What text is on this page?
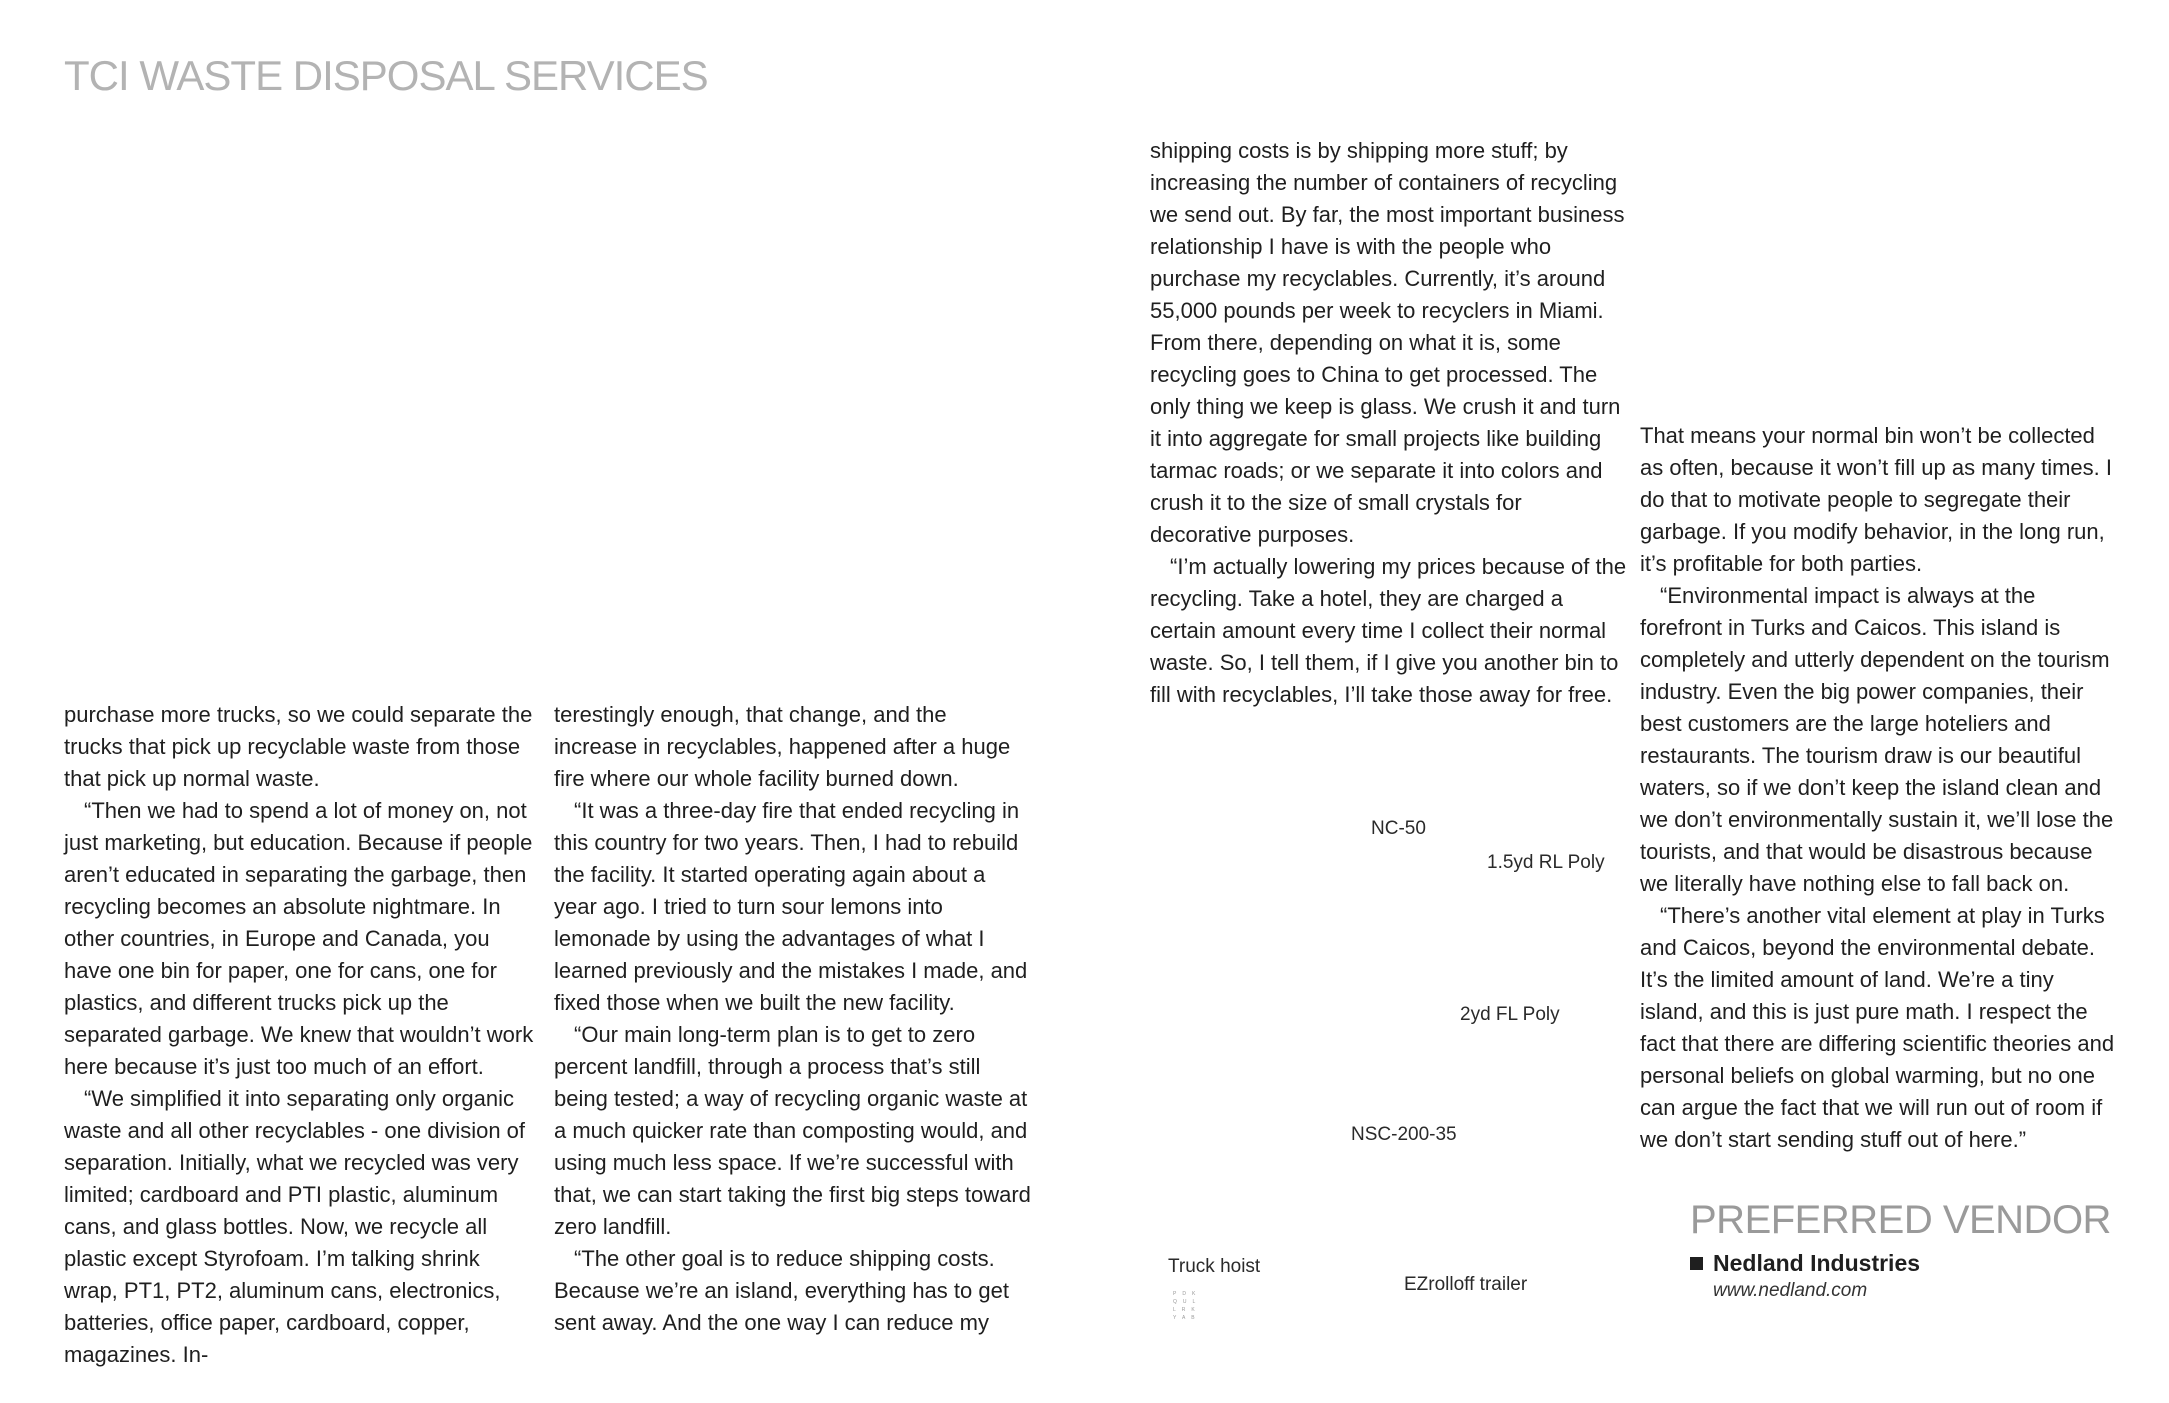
TCI WASTE DISPOSAL SERVICES

purchase more trucks, so we could separate the trucks that pick up recyclable waste from those that pick up normal waste.

“Then we had to spend a lot of money on, not just marketing, but education. Because if people aren’t educated in separating the garbage, then recycling becomes an absolute nightmare. In other countries, in Europe and Canada, you have one bin for paper, one for cans, one for plastics, and different trucks pick up the separated garbage. We knew that wouldn’t work here because it’s just too much of an effort.

“We simplified it into separating only organic waste and all other recyclables - one division of separation. Initially, what we recycled was very limited; cardboard and PTI plastic, aluminum cans, and glass bottles. Now, we recycle all plastic except Styrofoam. I’m talking shrink wrap, PT1, PT2, aluminum cans, electronics, batteries, office paper, cardboard, copper, magazines. In-

terestingly enough, that change, and the increase in recyclables, happened after a huge fire where our whole facility burned down.

“It was a three-day fire that ended recycling in this country for two years. Then, I had to rebuild the facility. It started operating again about a year ago. I tried to turn sour lemons into lemonade by using the advantages of what I learned previously and the mistakes I made, and fixed those when we built the new facility.

“Our main long-term plan is to get to zero percent landfill, through a process that’s still being tested; a way of recycling organic waste at a much quicker rate than composting would, and using much less space. If we’re successful with that, we can start taking the first big steps toward zero landfill.

“The other goal is to reduce shipping costs. Because we’re an island, everything has to get sent away. And the one way I can reduce my

shipping costs is by shipping more stuff; by increasing the number of containers of recycling we send out. By far, the most important business relationship I have is with the people who purchase my recyclables. Currently, it’s around 55,000 pounds per week to recyclers in Miami. From there, depending on what it is, some recycling goes to China to get processed. The only thing we keep is glass. We crush it and turn it into aggregate for small projects like building tarmac roads; or we separate it into colors and crush it to the size of small crystals for decorative purposes.

“I’m actually lowering my prices because of the recycling. Take a hotel, they are charged a certain amount every time I collect their normal waste. So, I tell them, if I give you another bin to fill with recyclables, I’ll take those away for free.

That means your normal bin won’t be collected as often, because it won’t fill up as many times. I do that to motivate people to segregate their garbage. If you modify behavior, in the long run, it’s profitable for both parties.

“Environmental impact is always at the forefront in Turks and Caicos. This island is completely and utterly dependent on the tourism industry. Even the big power companies, their best customers are the large hoteliers and restaurants. The tourism draw is our beautiful waters, so if we don’t keep the island clean and we don’t environmentally sustain it, we’ll lose the tourists, and that would be disastrous because we literally have nothing else to fall back on.

“There’s another vital element at play in Turks and Caicos, beyond the environmental debate. It’s the limited amount of land. We’re a tiny island, and this is just pure math. I respect the fact that there are differing scientific theories and personal beliefs on global warming, but no one can argue the fact that we will run out of room if we don’t start sending stuff out of here.”

NC-50
1.5yd RL Poly
2yd FL Poly
NSC-200-35
Truck hoist
EZrolloff trailer
PDK QUL LRK YAB
PREFERRED VENDOR
Nedland Industries
www.nedland.com
